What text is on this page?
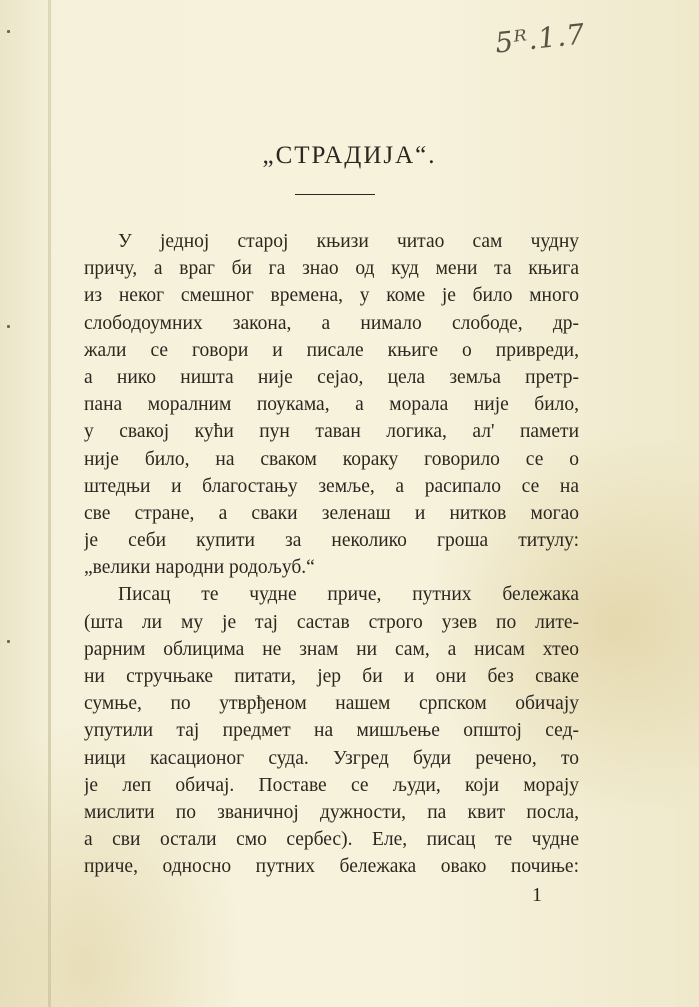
5ᴿ.1.7
„СТРАДИЈА“.
У једној старој књизи читао сам чудну
причу, а враг би га знао од куд мени та књига
из неког смешног времена, у коме је било много
слободоумних закона, а нимало слободе, др-
жали се говори и писале књиге о привреди,
а нико ништа није сејао, цела земља претр-
пана моралним поукама, а морала није било,
у свакој кући пун таван логика, ал' памети
није било, на сваком кораку говорило се о
штедњи и благостању земље, а расипало се на
све стране, а сваки зеленаш и нитков могао
је себи купити за неколико гроша титулу:
„велики народни родољуб.“
Писац те чудне приче, путних бележака
(шта ли му је тај састав строго узев по лите-
рарним облицима не знам ни сам, а нисам хтео
ни стручњаке питати, јер би и они без сваке
сумње, по утврђеном нашем српском обичају
упутили тај предмет на мишљење општој сед-
ници касационог суда. Узгред буди речено, то
је леп обичај. Поставе се људи, који морају
мислити по званичној дужности, па квит посла,
а сви остали смо сербес). Еле, писац те чудне
приче, односно путних бележака овако почиње:
1
